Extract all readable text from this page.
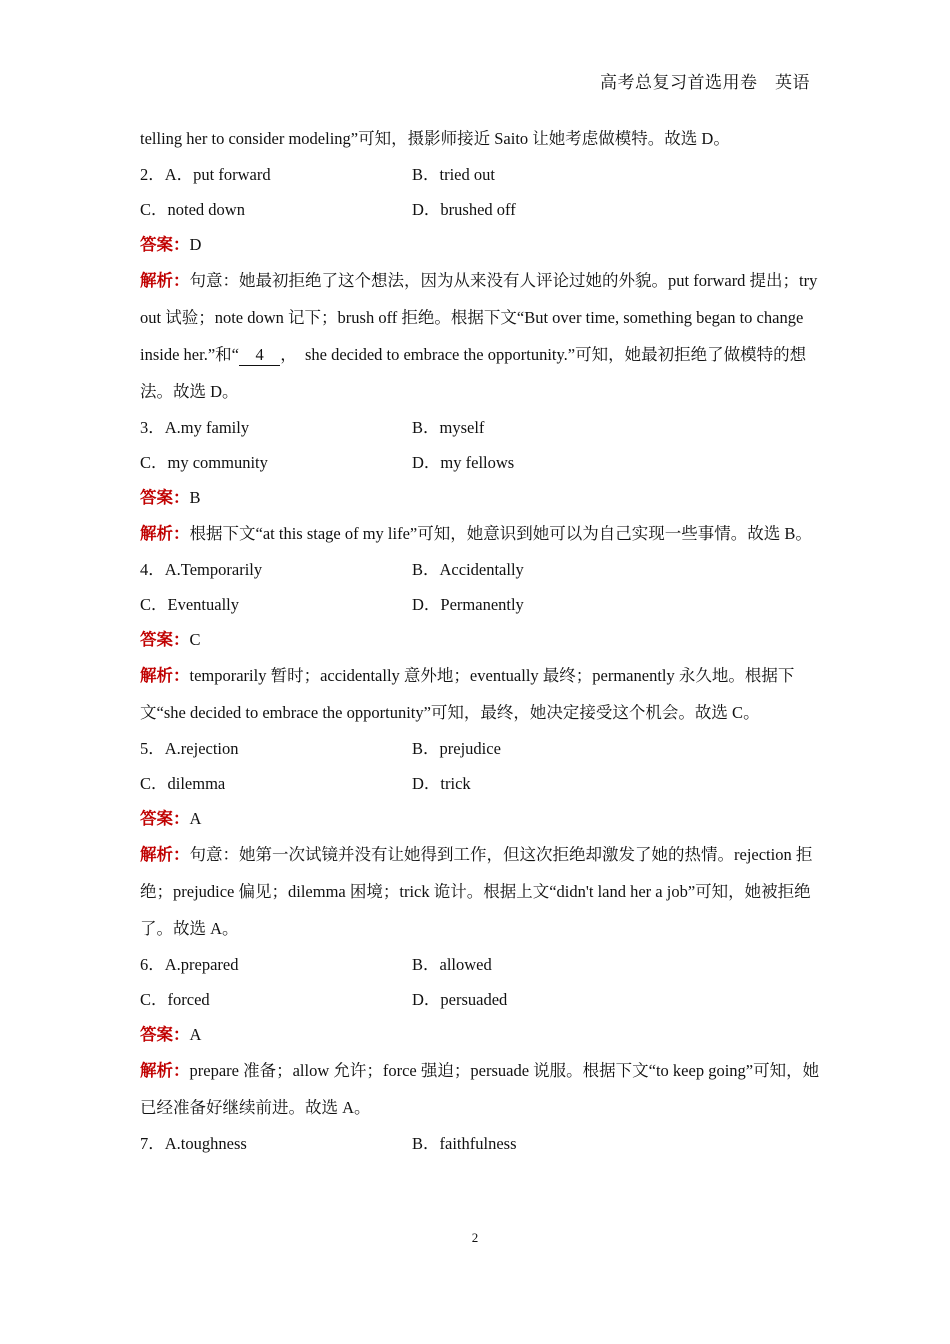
高考总复习首选用卷　英语

telling her to consider modeling”可知，摄影师接近 Saito 让她考虑做模特。故选 D。

2．A．put forward	B．tried out
C．noted down	D．brushed off

答案：D

解析：句意：她最初拒绝了这个想法，因为从来没有人评论过她的外貌。put forward 提出；try out 试验；note down 记下；brush off 拒绝。根据下文“But over time, something began to change inside her.”和“　4　，　she decided to embrace the opportunity.”可知，她最初拒绝了做模特的想法。故选 D。

3．A.my family	B．myself
C．my community	D．my fellows

答案：B

解析：根据下文“at this stage of my life”可知，她意识到她可以为自己实现一些事情。故选 B。

4．A.Temporarily	B．Accidentally
C．Eventually	D．Permanently

答案：C

解析：temporarily 暂时；accidentally 意外地；eventually 最终；permanently 永久地。根据下文“she decided to embrace the opportunity”可知，最终，她决定接受这个机会。故选 C。

5．A.rejection	B．prejudice
C．dilemma	D．trick

答案：A

解析：句意：她第一次试镜并没有让她得到工作，但这次拒绝却激发了她的热情。rejection 拒绝；prejudice 偏见；dilemma 困境；trick 诡计。根据上文“didn't land her a job”可知，她被拒绝了。故选 A。

6．A.prepared	B．allowed
C．forced	D．persuaded

答案：A

解析：prepare 准备；allow 允许；force 强迫；persuade 说服。根据下文“to keep going”可知，她已经准备好继续前进。故选 A。

7．A.toughness	B．faithfulness
2
